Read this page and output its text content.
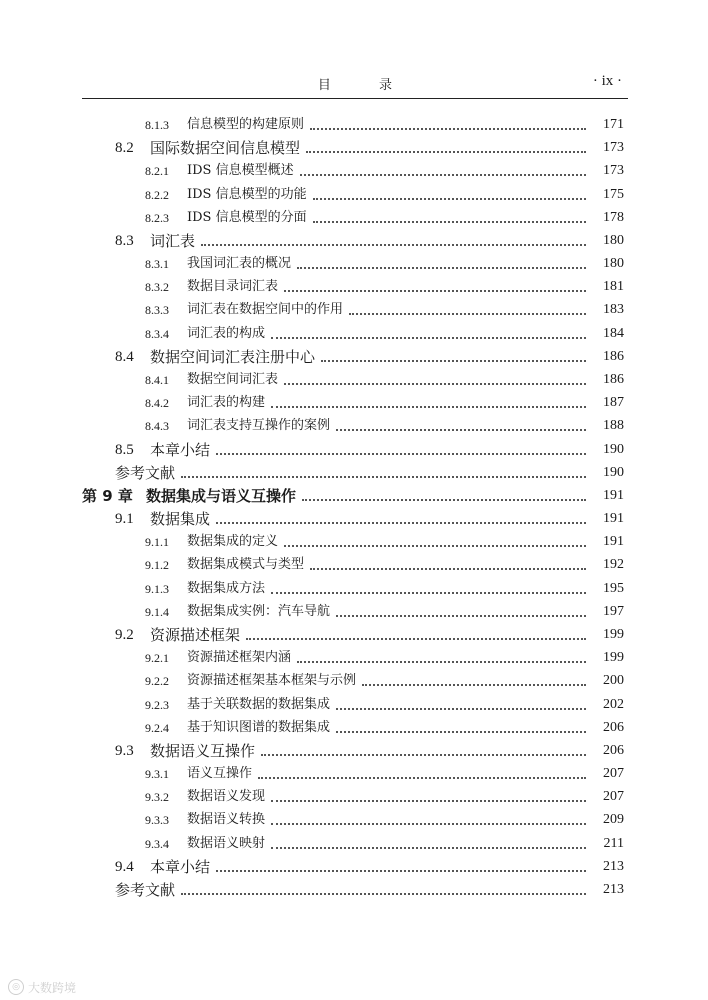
目 录	· ix ·
8.1.3	信息模型的构建原则	171
8.2	国际数据空间信息模型	173
8.2.1	IDS 信息模型概述	173
8.2.2	IDS 信息模型的功能	175
8.2.3	IDS 信息模型的分面	178
8.3	词汇表	180
8.3.1	我国词汇表的概况	180
8.3.2	数据目录词汇表	181
8.3.3	词汇表在数据空间中的作用	183
8.3.4	词汇表的构成	184
8.4	数据空间词汇表注册中心	186
8.4.1	数据空间词汇表	186
8.4.2	词汇表的构建	187
8.4.3	词汇表支持互操作的案例	188
8.5	本章小结	190
参考文献	190
第 9 章 数据集成与语义互操作	191
9.1	数据集成	191
9.1.1	数据集成的定义	191
9.1.2	数据集成模式与类型	192
9.1.3	数据集成方法	195
9.1.4	数据集成实例：汽车导航	197
9.2	资源描述框架	199
9.2.1	资源描述框架内涵	199
9.2.2	资源描述框架基本框架与示例	200
9.2.3	基于关联数据的数据集成	202
9.2.4	基于知识图谱的数据集成	206
9.3	数据语义互操作	206
9.3.1	语义互操作	207
9.3.2	数据语义发现	207
9.3.3	数据语义转换	209
9.3.4	数据语义映射	211
9.4	本章小结	213
参考文献	213
◎ 大数跨境
